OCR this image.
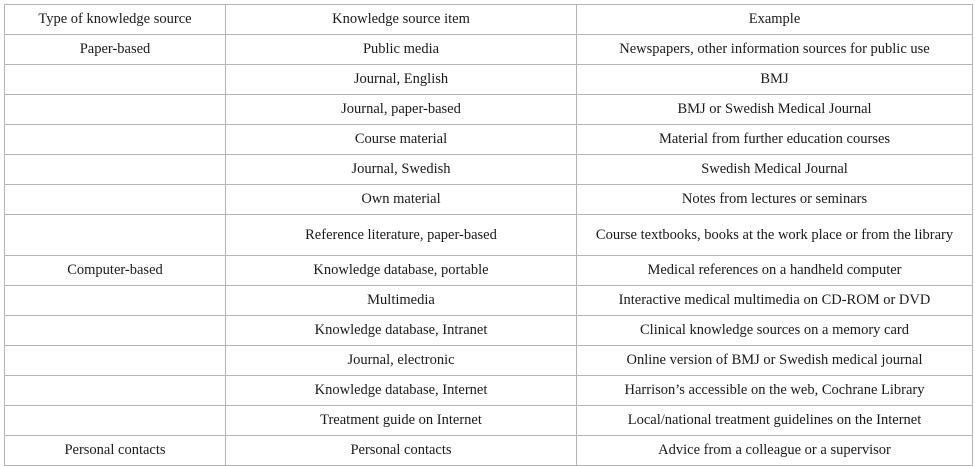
Type of knowledge source	Knowledge source item	Example
Paper-based	Public media	Newspapers, other information sources for public use
	Journal, English	BMJ
	Journal, paper-based	BMJ or Swedish Medical Journal
	Course material	Material from further education courses
	Journal, Swedish	Swedish Medical Journal
	Own material	Notes from lectures or seminars
	Reference literature, paper-based	Course textbooks, books at the work place or from the library
Computer-based	Knowledge database, portable	Medical references on a handheld computer
	Multimedia	Interactive medical multimedia on CD-ROM or DVD
	Knowledge database, Intranet	Clinical knowledge sources on a memory card
	Journal, electronic	Online version of BMJ or Swedish medical journal
	Knowledge database, Internet	Harrison’s accessible on the web, Cochrane Library
	Treatment guide on Internet	Local/national treatment guidelines on the Internet
Personal contacts	Personal contacts	Advice from a colleague or a supervisor
